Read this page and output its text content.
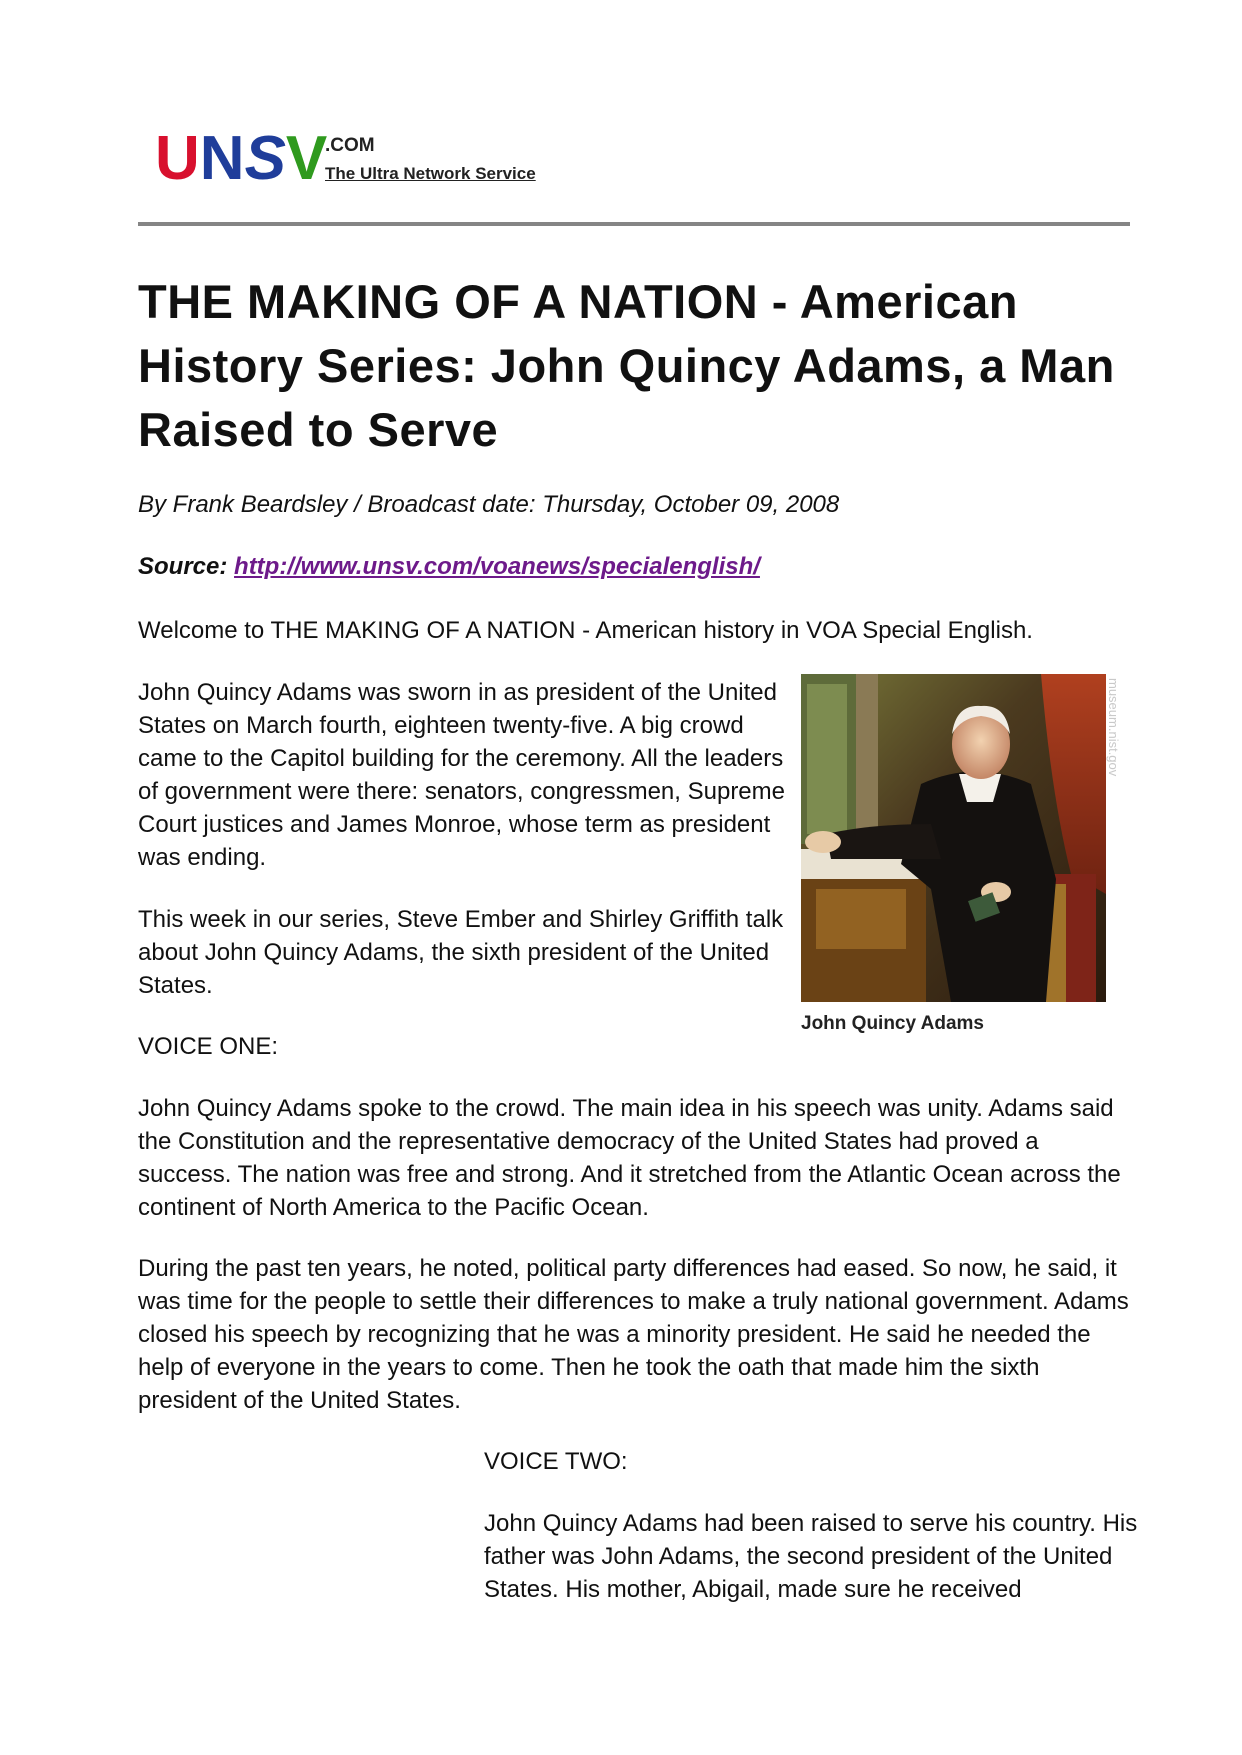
UNSV
.COM
The Ultra Network Service
THE MAKING OF A NATION - American History Series: John Quincy Adams, a Man Raised to Serve
By Frank Beardsley / Broadcast date: Thursday, October 09, 2008
Source: http://www.unsv.com/voanews/specialenglish/

Welcome to THE MAKING OF A NATION - American history in VOA Special English.

John Quincy Adams was sworn in as president of the United States on March fourth, eighteen twenty-five. A big crowd came to the Capitol building for the ceremony. All the leaders of government were there: senators, congressmen, Supreme Court justices and James Monroe, whose term as president was ending.

This week in our series, Steve Ember and Shirley Griffith talk about John Quincy Adams, the sixth president of the United States.

VOICE ONE:

John Quincy Adams spoke to the crowd. The main idea in his speech was unity. Adams said the Constitution and the representative democracy of the United States had proved a success. The nation was free and strong. And it stretched from the Atlantic Ocean across the continent of North America to the Pacific Ocean.

During the past ten years, he noted, political party differences had eased. So now, he said, it was time for the people to settle their differences to make a truly national government. Adams closed his speech by recognizing that he was a minority president. He said he needed the help of everyone in the years to come. Then he took the oath that made him the sixth president of the United States.

VOICE TWO:

John Quincy Adams had been raised to serve his country. His father was John Adams, the second president of the United States. His mother, Abigail, made sure he received

museum.nist.gov
John Quincy Adams
